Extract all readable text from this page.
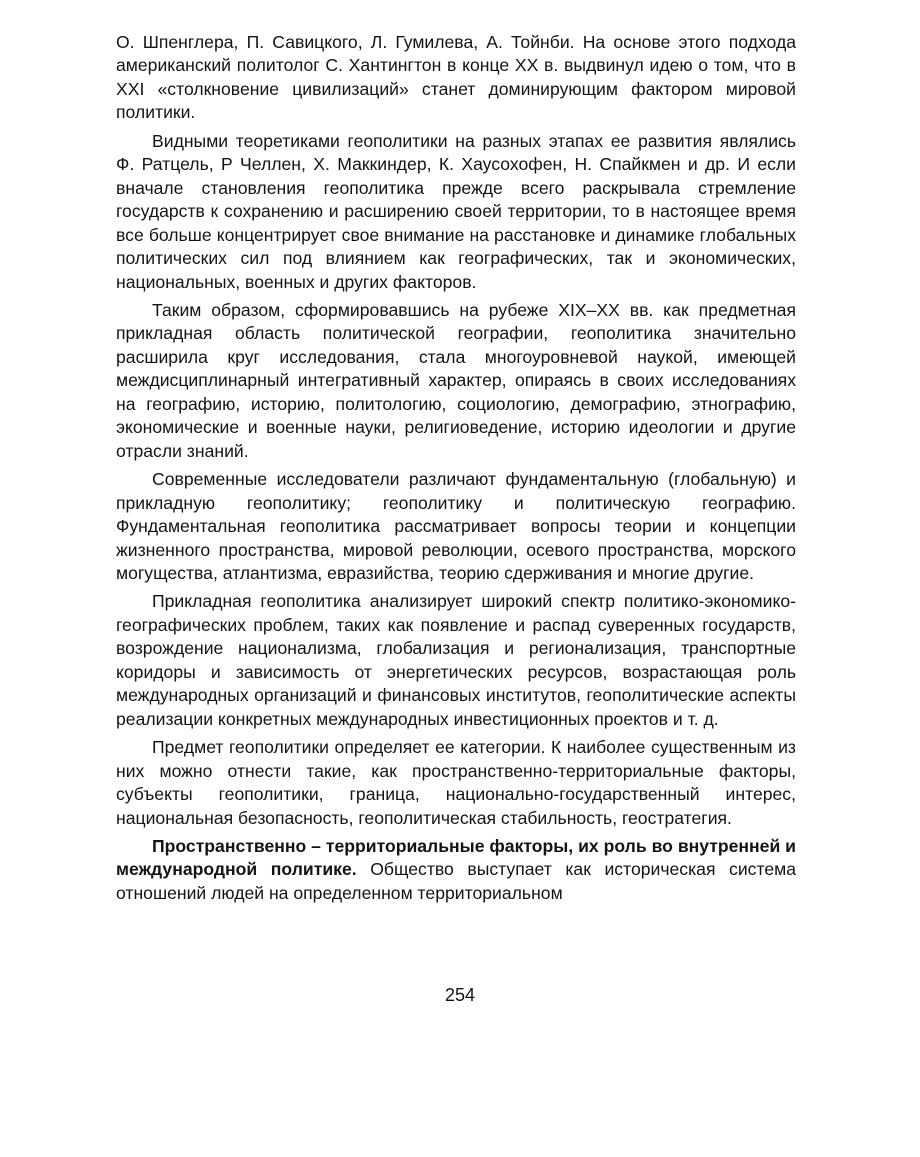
О. Шпенглера, П. Савицкого, Л. Гумилева, А. Тойнби. На основе этого подхода американский политолог С. Хантингтон в конце XX в. выдвинул идею о том, что в XXI «столкновение цивилизаций» станет доминирующим фактором мировой политики.

Видными теоретиками геополитики на разных этапах ее развития являлись Ф. Ратцель, Р Челлен, Х. Маккиндер, К. Хаусохофен, Н. Спайкмен и др. И если вначале становления геополитика прежде всего раскрывала стремление государств к сохранению и расширению своей территории, то в настоящее время все больше концентрирует свое внимание на расстановке и динамике глобальных политических сил под влиянием как географических, так и экономических, национальных, военных и других факторов.

Таким образом, сформировавшись на рубеже XIX–XX вв. как предметная прикладная область политической географии, геополитика значительно расширила круг исследования, стала многоуровневой наукой, имеющей междисциплинарный интегративный характер, опираясь в своих исследованиях на географию, историю, политологию, социологию, демографию, этнографию, экономические и военные науки, религиоведение, историю идеологии и другие отрасли знаний.

Современные исследователи различают фундаментальную (глобальную) и прикладную геополитику; геополитику и политическую географию. Фундаментальная геополитика рассматривает вопросы теории и концепции жизненного пространства, мировой революции, осевого пространства, морского могущества, атлантизма, евразийства, теорию сдерживания и многие другие.

Прикладная геополитика анализирует широкий спектр политико-экономико-географических проблем, таких как появление и распад суверенных государств, возрождение национализма, глобализация и регионaлизация, транспортные коридоры и зависимость от энергетических ресурсов, возрастающая роль международных организаций и финансовых институтов, геополитические аспекты реализации конкретных международных инвестиционных проектов и т. д.

Предмет геополитики определяет ее категории. К наиболее существенным из них можно отнести такие, как пространственно-территориальные факторы, субъекты геополитики, граница, национально-государственный интерес, национальная безопасность, геополитическая стабильность, геостратегия.

Пространственно – территориальные факторы, их роль во внутренней и международной политике. Общество выступает как историческая система отношений людей на определенном территориальном

254
